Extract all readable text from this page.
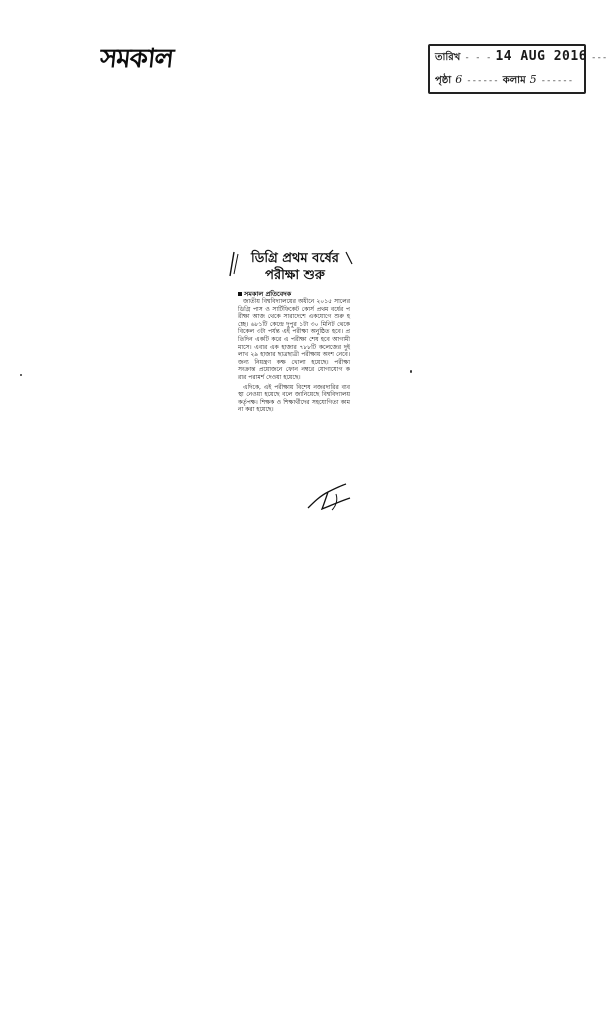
সমকাল	তারিখ - - - 14 AUG 2016 ---
পৃষ্ঠা 6 ------ কলাম 5 ------
ডিগ্রি প্রথম বর্ষের
পরীক্ষা শুরু
সমকাল প্রতিবেদক

জাতীয় বিশ্ববিদ্যালয়ের অধীনে ২০১৫ সালের ডিগ্রি পাস ও সার্টিফিকেট কোর্স প্রথম বর্ষের পরীক্ষা আজ থেকে সারাদেশে একযোগে শুরু হচ্ছে। ৬৮১টি কেন্দ্রে দুপুর ১টা ৩০ মিনিট থেকে বিকেল ৩টা পর্যন্ত এই পরীক্ষা অনুষ্ঠিত হবে। প্রতিদিন একটি করে এ পরীক্ষা শেষ হবে আগামী মাসে। এবার এক হাজার ৭৮৮টি কলেজের দুই লাখ ২৯ হাজার ছাত্রছাত্রী পরীক্ষায় অংশ নেবে। জন্য নিয়ন্ত্রণ কক্ষ খোলা হয়েছে। পরীক্ষা সংক্রান্ত প্রয়োজনে ফোন নম্বরে যোগাযোগ করার পরামর্শ দেওয়া হয়েছে।

এদিকে, এই পরীক্ষায় বিশেষ নজরদারির ব্যবস্থা নেওয়া হয়েছে বলে জানিয়েছে বিশ্ববিদ্যালয় কর্তৃপক্ষ। শিক্ষক ও শিক্ষার্থীদের সহযোগিতা কামনা করা হয়েছে।
